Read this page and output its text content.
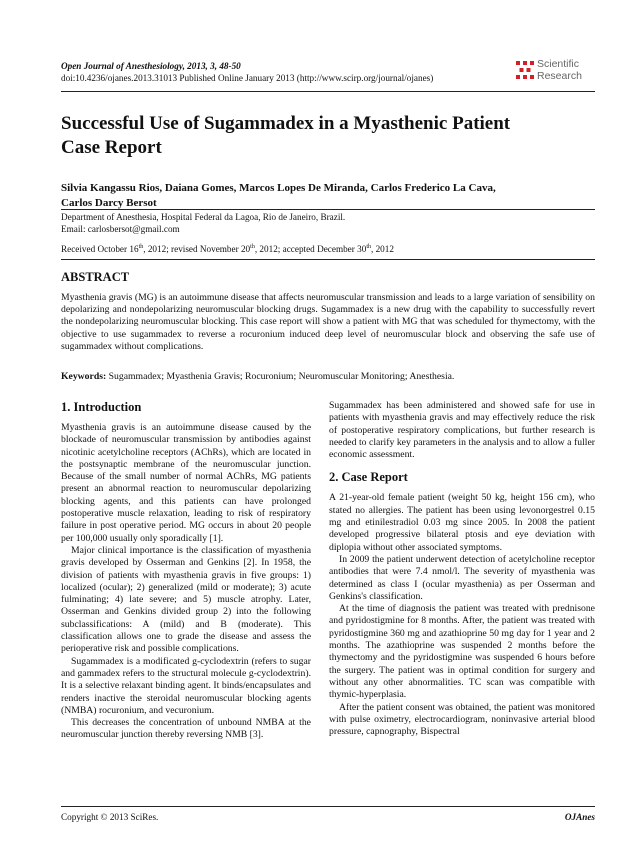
Open Journal of Anesthesiology, 2013, 3, 48-50
doi:10.4236/ojanes.2013.31013 Published Online January 2013 (http://www.scirp.org/journal/ojanes)
Scientific
Research
Successful Use of Sugammadex in a Myasthenic Patient
Case Report
Silvia Kangassu Rios, Daiana Gomes, Marcos Lopes De Miranda, Carlos Frederico La Cava,
Carlos Darcy Bersot
Department of Anesthesia, Hospital Federal da Lagoa, Rio de Janeiro, Brazil.
Email: carlosbersot@gmail.com
Received October 16th, 2012; revised November 20th, 2012; accepted December 30th, 2012
ABSTRACT

Myasthenia gravis (MG) is an autoimmune disease that affects neuromuscular transmission and leads to a large variation of sensibility on depolarizing and nondepolarizing neuromuscular blocking drugs. Sugammadex is a new drug with the capability to successfully revert the nondepolarizing neuromuscular blocking. This case report will show a patient with MG that was scheduled for thymectomy, with the objective to use sugammadex to reverse a rocuronium induced deep level of neuromuscular block and observing the safe use of sugammadex without complications.

Keywords: Sugammadex; Myasthenia Gravis; Rocuronium; Neuromuscular Monitoring; Anesthesia.
1. Introduction

Myasthenia gravis is an autoimmune disease caused by the blockade of neuromuscular transmission by antibodies against nicotinic acetylcholine receptors (AChRs), which are located in the postsynaptic membrane of the neuromuscular junction. Because of the small number of normal AChRs, MG patients present an abnormal reaction to neuromuscular depolarizing blocking agents, and this patients can have prolonged postoperative muscle relaxation, leading to risk of respiratory failure in post operative period. MG occurs in about 20 people per 100,000 usually only sporadically [1].

Major clinical importance is the classification of myasthenia gravis developed by Osserman and Genkins [2]. In 1958, the division of patients with myasthenia gravis in five groups: 1) localized (ocular); 2) generalized (mild or moderate); 3) acute fulminating; 4) late severe; and 5) muscle atrophy. Later, Osserman and Genkins divided group 2) into the following subclassifications: A (mild) and B (moderate). This classification allows one to grade the disease and assess the perioperative risk and possible complications.

Sugammadex is a modificated g-cyclodextrin (refers to sugar and gammadex refers to the structural molecule g-cyclodextrin). It is a selective relaxant binding agent. It binds/encapsulates and renders inactive the steroidal neuromuscular blocking agents (NMBA) rocuronium, and vecuronium.

This decreases the concentration of unbound NMBA at the neuromuscular junction thereby reversing NMB [3].

Sugammadex has been administered and showed safe for use in patients with myasthenia gravis and may effectively reduce the risk of postoperative respiratory complications, but further research is needed to clarify key parameters in the analysis and to allow a fuller economic assessment.

2. Case Report

A 21-year-old female patient (weight 50 kg, height 156 cm), who stated no allergies. The patient has been using levonorgestrel 0.15 mg and etinilestradiol 0.03 mg since 2005. In 2008 the patient developed progressive bilateral ptosis and eye deviation with diplopia without other associated symptoms.

In 2009 the patient underwent detection of acetylcholine receptor antibodies that were 7.4 nmol/l. The severity of myasthenia was determined as class I (ocular myasthenia) as per Osserman and Genkins's classification.

At the time of diagnosis the patient was treated with prednisone and pyridostigmine for 8 months. After, the patient was treated with pyridostigmine 360 mg and azathioprine 50 mg day for 1 year and 2 months. The azathioprine was suspended 2 months before the thymectomy and the pyridostigmine was suspended 6 hours before the surgery. The patient was in optimal condition for surgery and without any other abnormalities. TC scan was compatible with thymic-hyperplasia.

After the patient consent was obtained, the patient was monitored with pulse oximetry, electrocardiogram, noninvasive arterial blood pressure, capnography, Bispectral

Copyright © 2013 SciRes.	OJAnes
